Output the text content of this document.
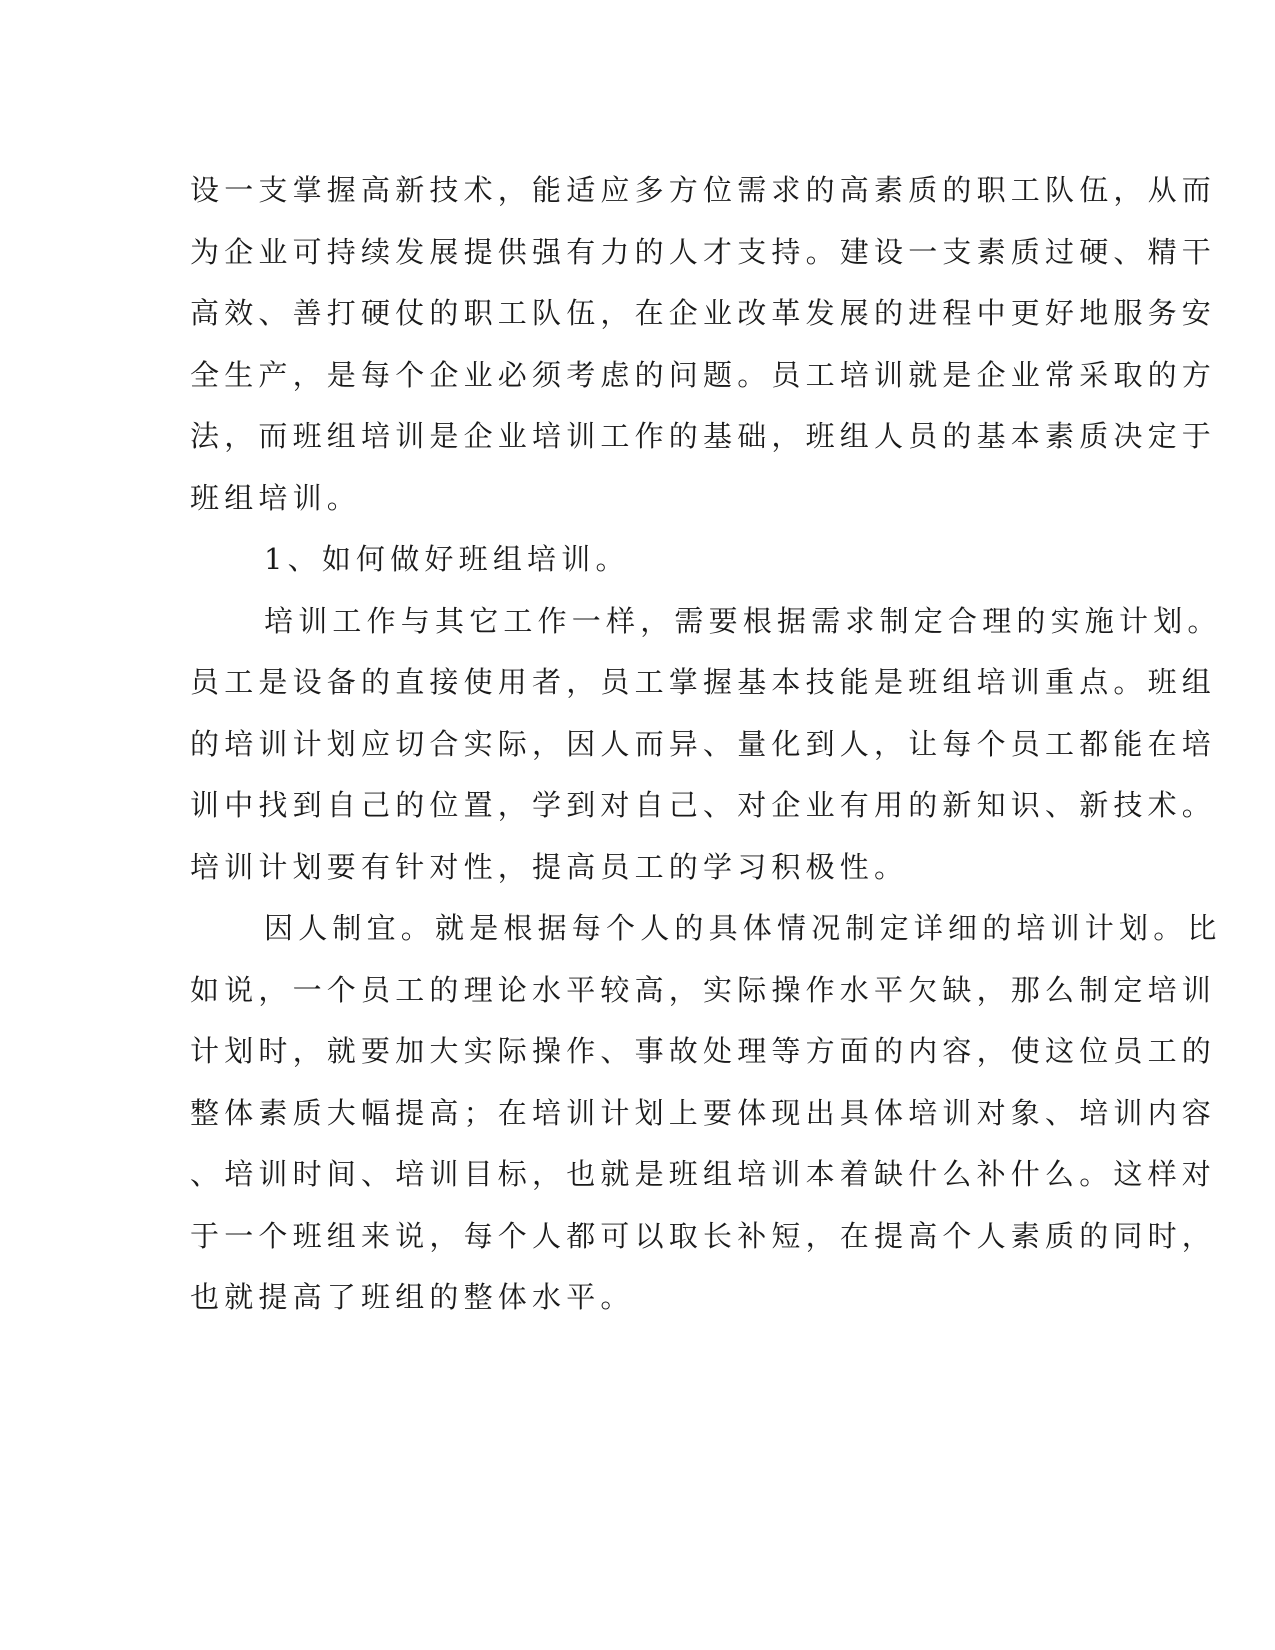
设一支掌握高新技术，能适应多方位需求的高素质的职工队伍，从而
为企业可持续发展提供强有力的人才支持。建设一支素质过硬、精干
高效、善打硬仗的职工队伍，在企业改革发展的进程中更好地服务安
全生产，是每个企业必须考虑的问题。员工培训就是企业常采取的方
法，而班组培训是企业培训工作的基础，班组人员的基本素质决定于
班组培训。
1、如何做好班组培训。
培训工作与其它工作一样，需要根据需求制定合理的实施计划。
员工是设备的直接使用者，员工掌握基本技能是班组培训重点。班组
的培训计划应切合实际，因人而异、量化到人，让每个员工都能在培
训中找到自己的位置，学到对自己、对企业有用的新知识、新技术。
培训计划要有针对性，提高员工的学习积极性。
因人制宜。就是根据每个人的具体情况制定详细的培训计划。比
如说，一个员工的理论水平较高，实际操作水平欠缺，那么制定培训
计划时，就要加大实际操作、事故处理等方面的内容，使这位员工的
整体素质大幅提高；在培训计划上要体现出具体培训对象、培训内容
、培训时间、培训目标，也就是班组培训本着缺什么补什么。这样对
于一个班组来说，每个人都可以取长补短，在提高个人素质的同时，
也就提高了班组的整体水平。
